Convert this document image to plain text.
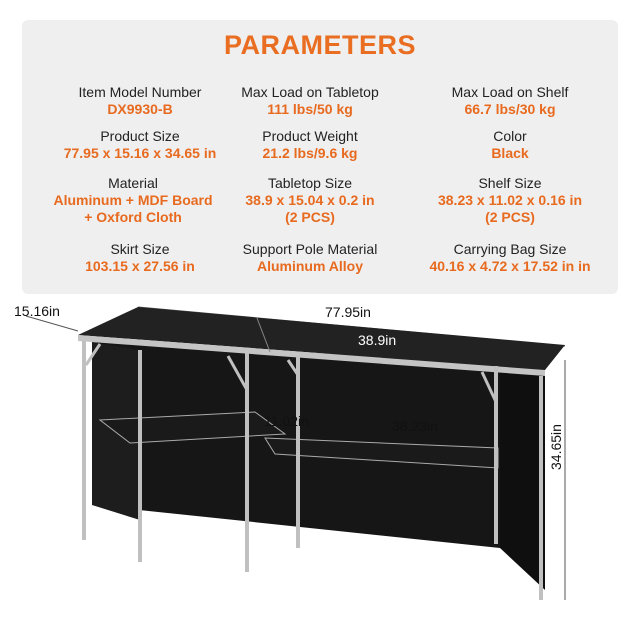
PARAMETERS
Item Model Number
DX9930-B
Max Load on Tabletop
111 lbs/50 kg
Max Load on Shelf
66.7 lbs/30 kg
Product Size
77.95 x 15.16 x 34.65 in
Product Weight
21.2 lbs/9.6 kg
Color
Black
Material
Aluminum + MDF Board
+ Oxford Cloth
Tabletop Size
38.9 x 15.04 x 0.2 in
(2 PCS)
Shelf Size
38.23 x 11.02 x 0.16 in
(2 PCS)
Skirt Size
103.15 x 27.56 in
Support Pole Material
Aluminum Alloy
Carrying Bag Size
40.16 x 4.72 x 17.52 in in
15.16in	77.95in
38.9in
11.02in	38.23in	34.65in
